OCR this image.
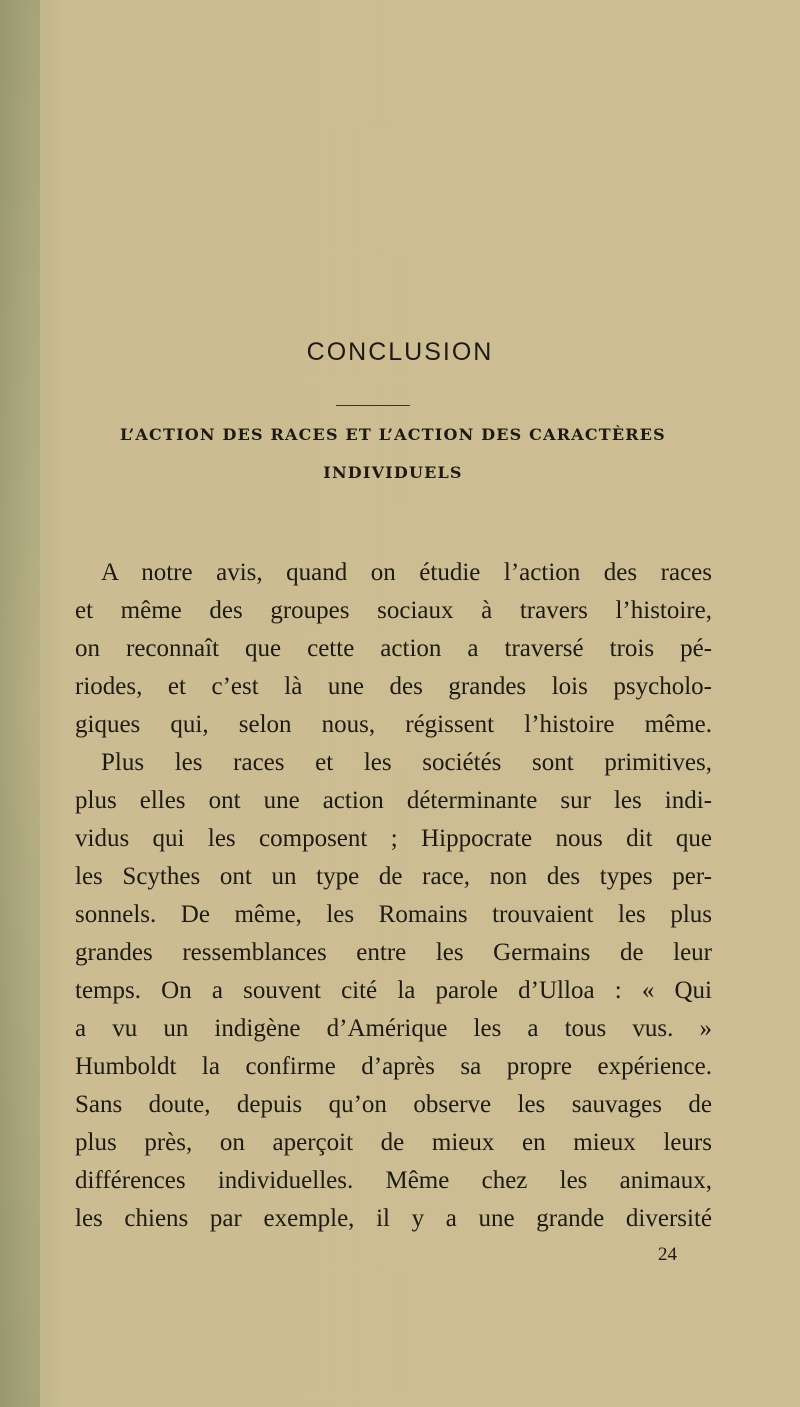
CONCLUSION
L’ACTION DES RACES ET L’ACTION DES CARACTÈRES
INDIVIDUELS
A notre avis, quand on étudie l’action des races
et même des groupes sociaux à travers l’histoire,
on reconnaît que cette action a traversé trois pé-
riodes, et c’est là une des grandes lois psycholo-
giques qui, selon nous, régissent l’histoire même.
Plus les races et les sociétés sont primitives,
plus elles ont une action déterminante sur les indi-
vidus qui les composent ; Hippocrate nous dit que
les Scythes ont un type de race, non des types per-
sonnels. De même, les Romains trouvaient les plus
grandes ressemblances entre les Germains de leur
temps. On a souvent cité la parole d’Ulloa : « Qui
a vu un indigène d’Amérique les a tous vus. »
Humboldt la confirme d’après sa propre expérience.
Sans doute, depuis qu’on observe les sauvages de
plus près, on aperçoit de mieux en mieux leurs
différences individuelles. Même chez les animaux,
les chiens par exemple, il y a une grande diversité
24
